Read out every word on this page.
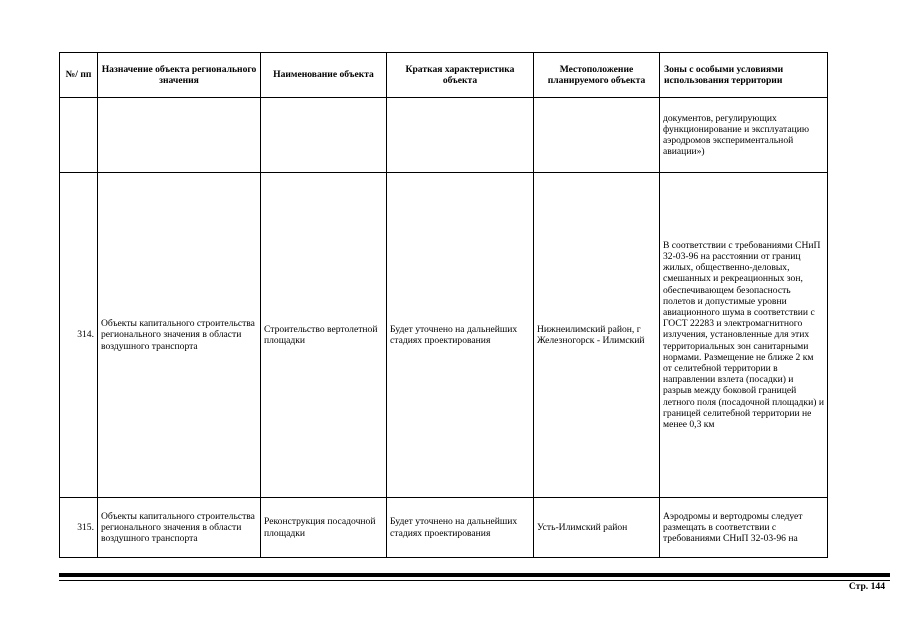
№/ пп	Назначение объекта регионального значения	Наименование объекта	Краткая характеристика объекта	Местоположение планируемого объекта	Зоны с особыми условиями использования территории
					документов, регулирующих функционирование и эксплуатацию аэродромов экспериментальной авиации»)
314.	Объекты капитального строительства регионального значения в области воздушного транспорта	Строительство вертолетной площадки	Будет уточнено на дальнейших стадиях проектирования	Нижнеилимский район, г Железногорск - Илимский	В соответствии с требованиями СНиП 32-03-96 на расстоянии от границ жилых, общественно-деловых, смешанных и рекреационных зон, обеспечивающем безопасность полетов и допустимые уровни авиационного шума в соответствии с ГОСТ 22283 и электромагнитного излучения, установленные для этих территориальных зон санитарными нормами. Размещение не ближе 2 км от селитебной территории в направлении взлета (посадки) и разрыв между боковой границей летного поля (посадочной площадки) и границей селитебной территории не менее 0,3 км
315.	Объекты капитального строительства регионального значения в области воздушного транспорта	Реконструкция посадочной площадки	Будет уточнено на дальнейших стадиях проектирования	Усть-Илимский район	Аэродромы и вертодромы следует размещать в соответствии с требованиями СНиП 32-03-96 на
Стр. 144
